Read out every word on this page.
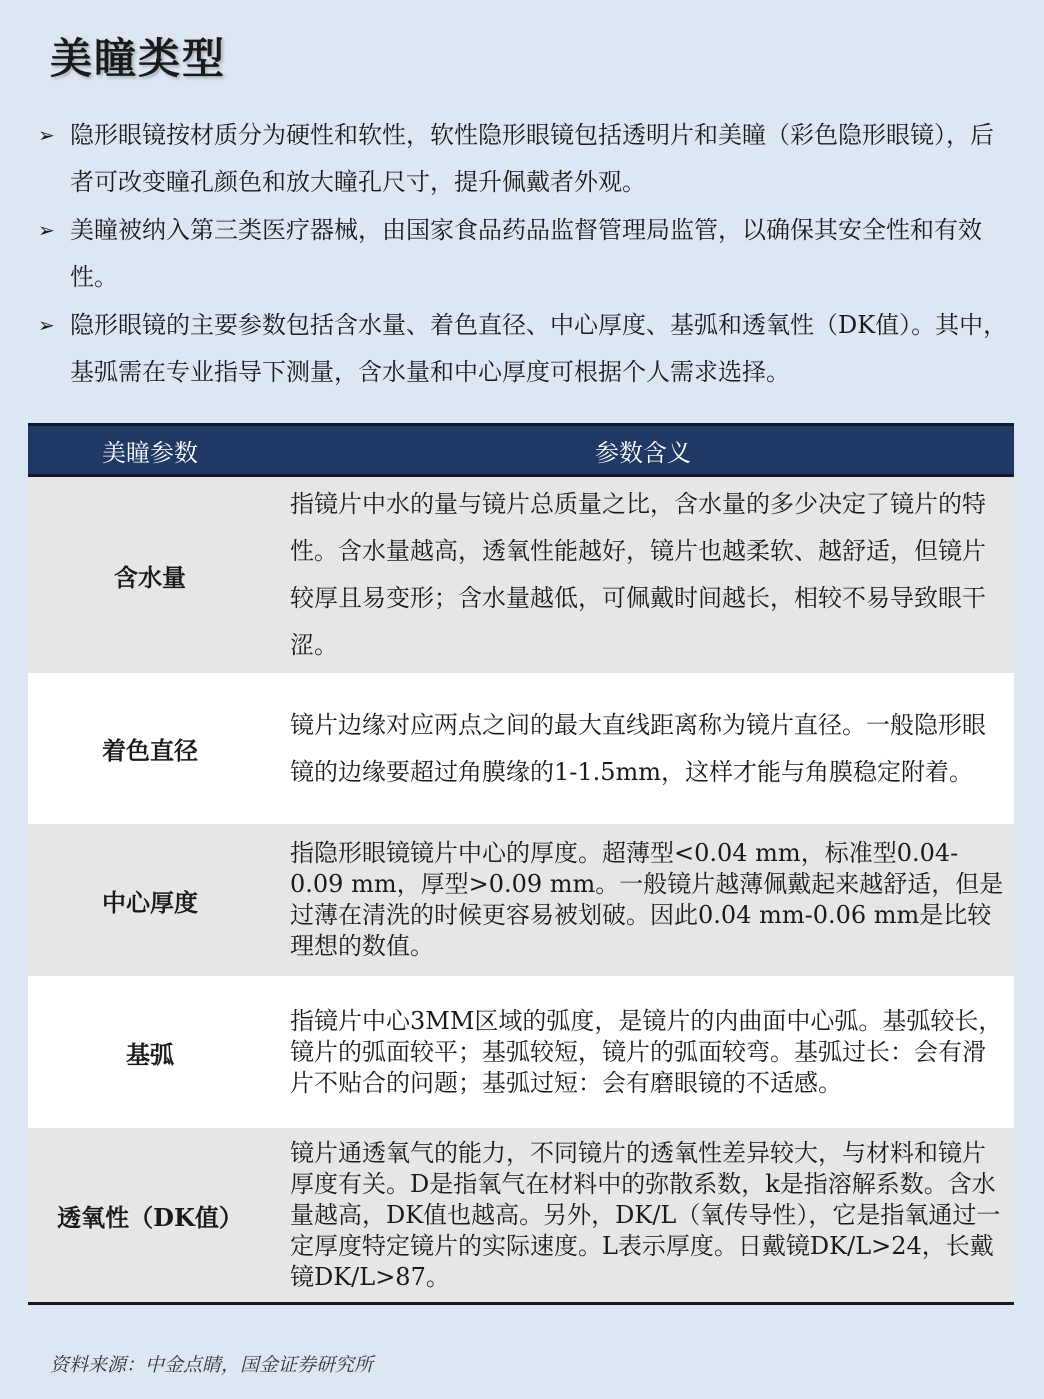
美瞳类型
➢ 隐形眼镜按材质分为硬性和软性，软性隐形眼镜包括透明片和美瞳（彩色隐形眼镜），后者可改变瞳孔颜色和放大瞳孔尺寸，提升佩戴者外观。
➢ 美瞳被纳入第三类医疗器械，由国家食品药品监督管理局监管，以确保其安全性和有效性。
➢ 隐形眼镜的主要参数包括含水量、着色直径、中心厚度、基弧和透氧性（DK值）。其中，基弧需在专业指导下测量，含水量和中心厚度可根据个人需求选择。
美瞳参数	参数含义
含水量
指镜片中水的量与镜片总质量之比，含水量的多少决定了镜片的特性。含水量越高，透氧性能越好，镜片也越柔软、越舒适，但镜片较厚且易变形；含水量越低，可佩戴时间越长，相较不易导致眼干涩。
着色直径
镜片边缘对应两点之间的最大直线距离称为镜片直径。一般隐形眼镜的边缘要超过角膜缘的1-1.5mm，这样才能与角膜稳定附着。
中心厚度
指隐形眼镜镜片中心的厚度。超薄型<0.04 mm，标准型0.04-0.09 mm，厚型>0.09 mm。一般镜片越薄佩戴起来越舒适，但是过薄在清洗的时候更容易被划破。因此0.04 mm-0.06 mm是比较理想的数值。
基弧
指镜片中心3MM区域的弧度，是镜片的内曲面中心弧。基弧较长，镜片的弧面较平；基弧较短，镜片的弧面较弯。基弧过长：会有滑片不贴合的问题；基弧过短：会有磨眼镜的不适感。
透氧性（DK值）
镜片通透氧气的能力，不同镜片的透氧性差异较大，与材料和镜片厚度有关。D是指氧气在材料中的弥散系数，k是指溶解系数。含水量越高，DK值也越高。另外，DK/L（氧传导性），它是指氧通过一定厚度特定镜片的实际速度。L表示厚度。日戴镜DK/L>24，长戴镜DK/L>87。
资料来源：中金点睛，国金证券研究所
